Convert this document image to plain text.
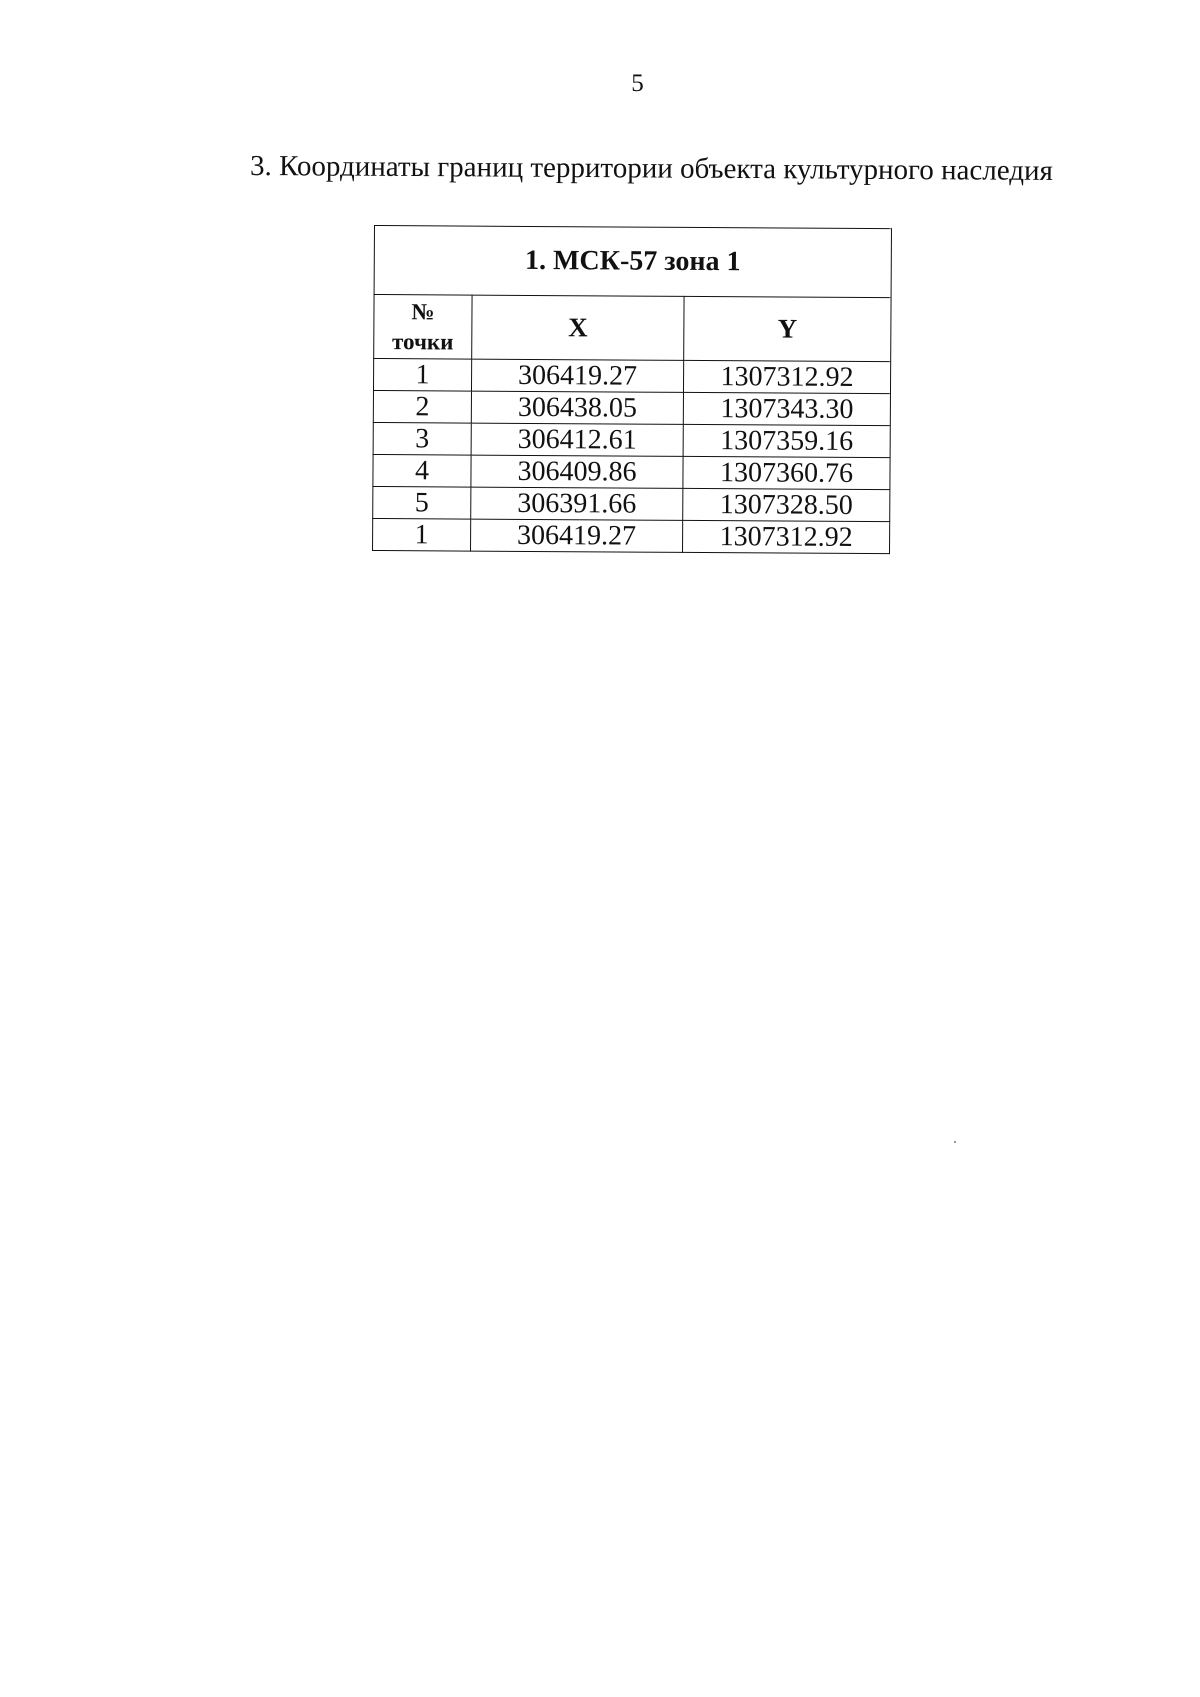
5
3. Координаты границ территории объекта культурного наследия
1. МСК-57 зона 1		

№
точки	X	Y
1	306419.27	1307312.92
2	306438.05	1307343.30
3	306412.61	1307359.16
4	306409.86	1307360.76
5	306391.66	1307328.50
1	306419.27	1307312.92
